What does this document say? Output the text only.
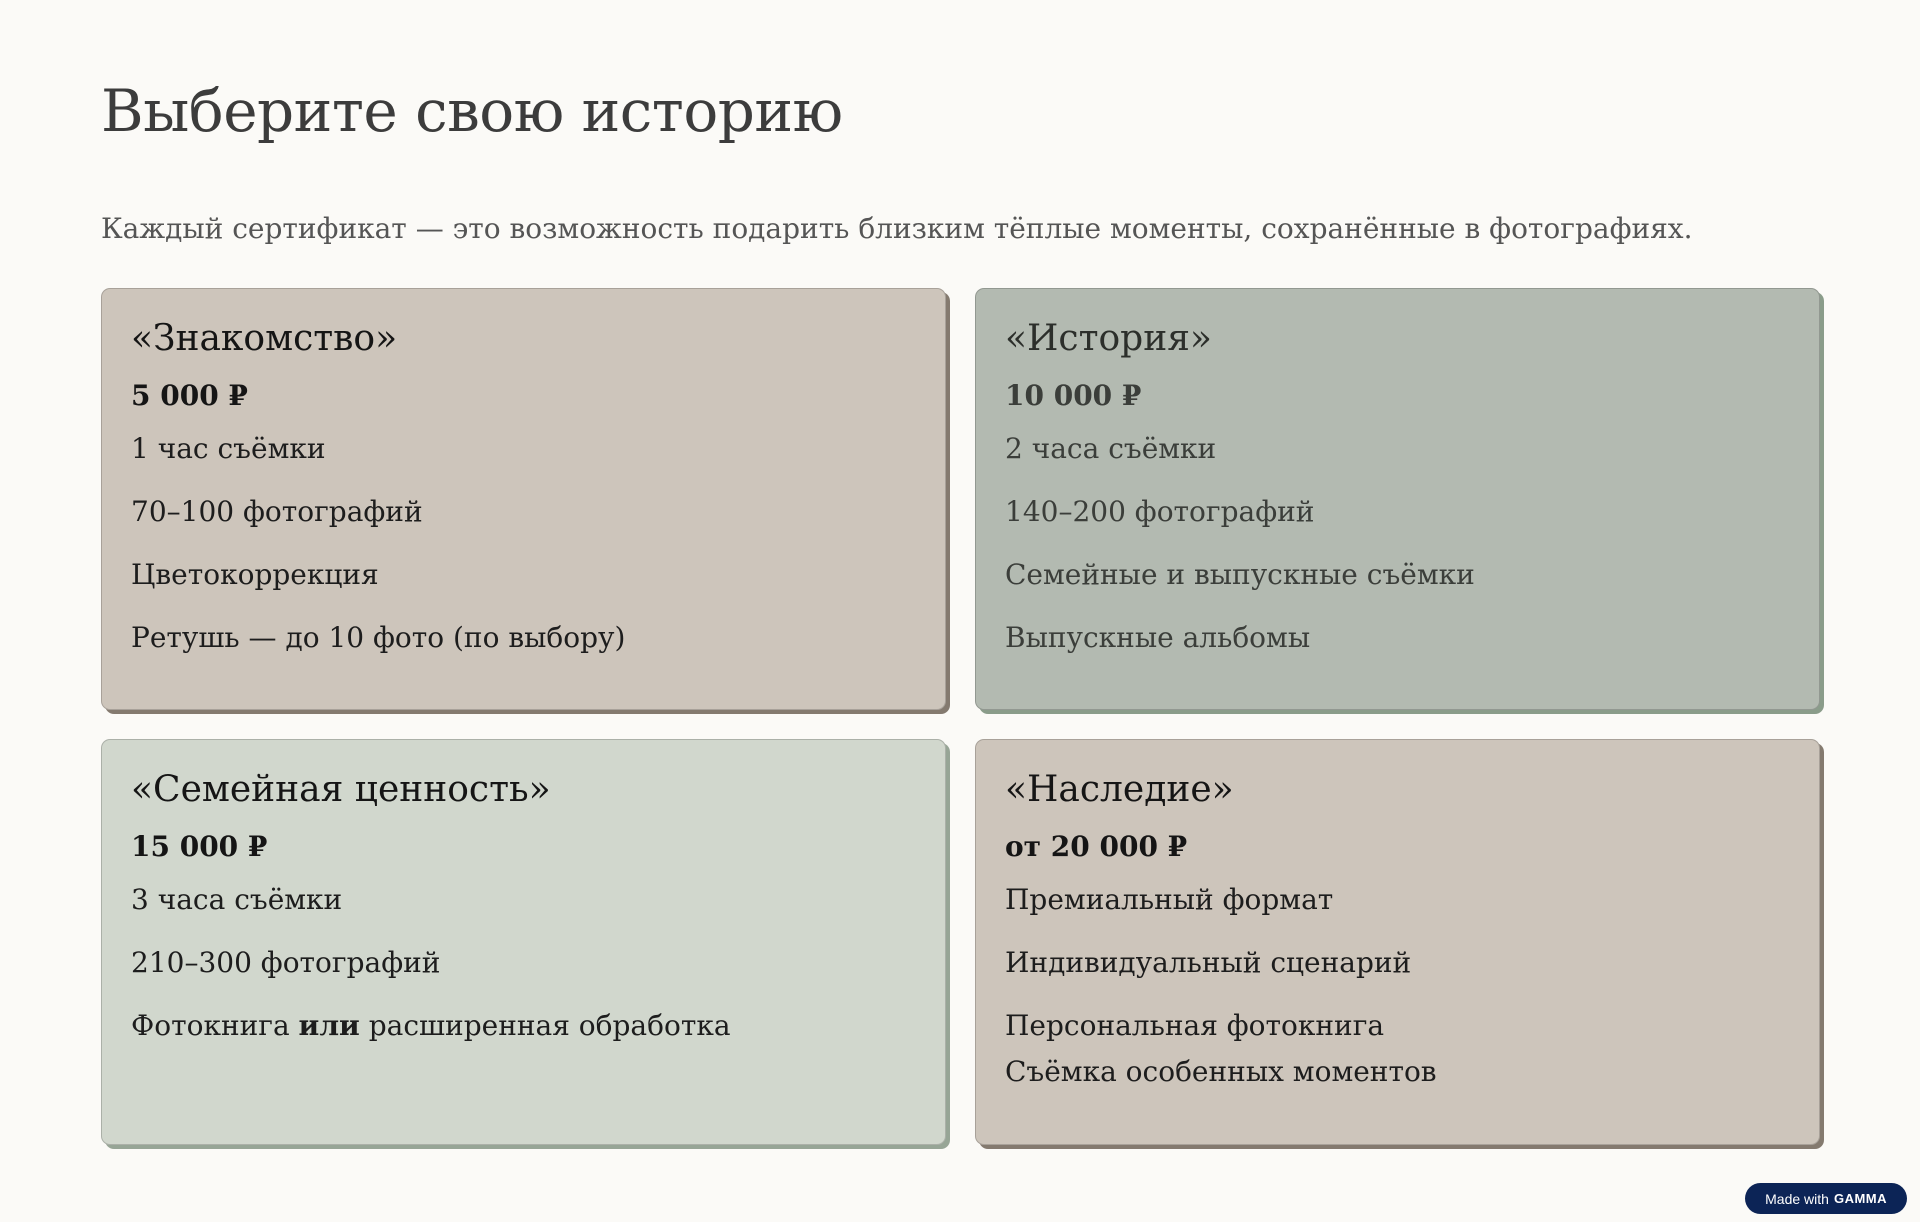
Выберите свою историю

Каждый сертификат — это возможность подарить близким тёплые моменты, сохранённые в фотографиях.

«Знакомство»
5 000 ₽
1 час съёмки
70–100 фотографий
Цветокоррекция
Ретушь — до 10 фото (по выбору)
«История»
10 000 ₽
2 часа съёмки
140–200 фотографий
Семейные и выпускные съёмки
Выпускные альбомы
«Семейная ценность»
15 000 ₽
3 часа съёмки
210–300 фотографий
Фотокнига или расширенная обработка
«Наследие»
от 20 000 ₽
Премиальный формат
Индивидуальный сценарий
Персональная фотокнига
Съёмка особенных моментов
Made with GAMMA
